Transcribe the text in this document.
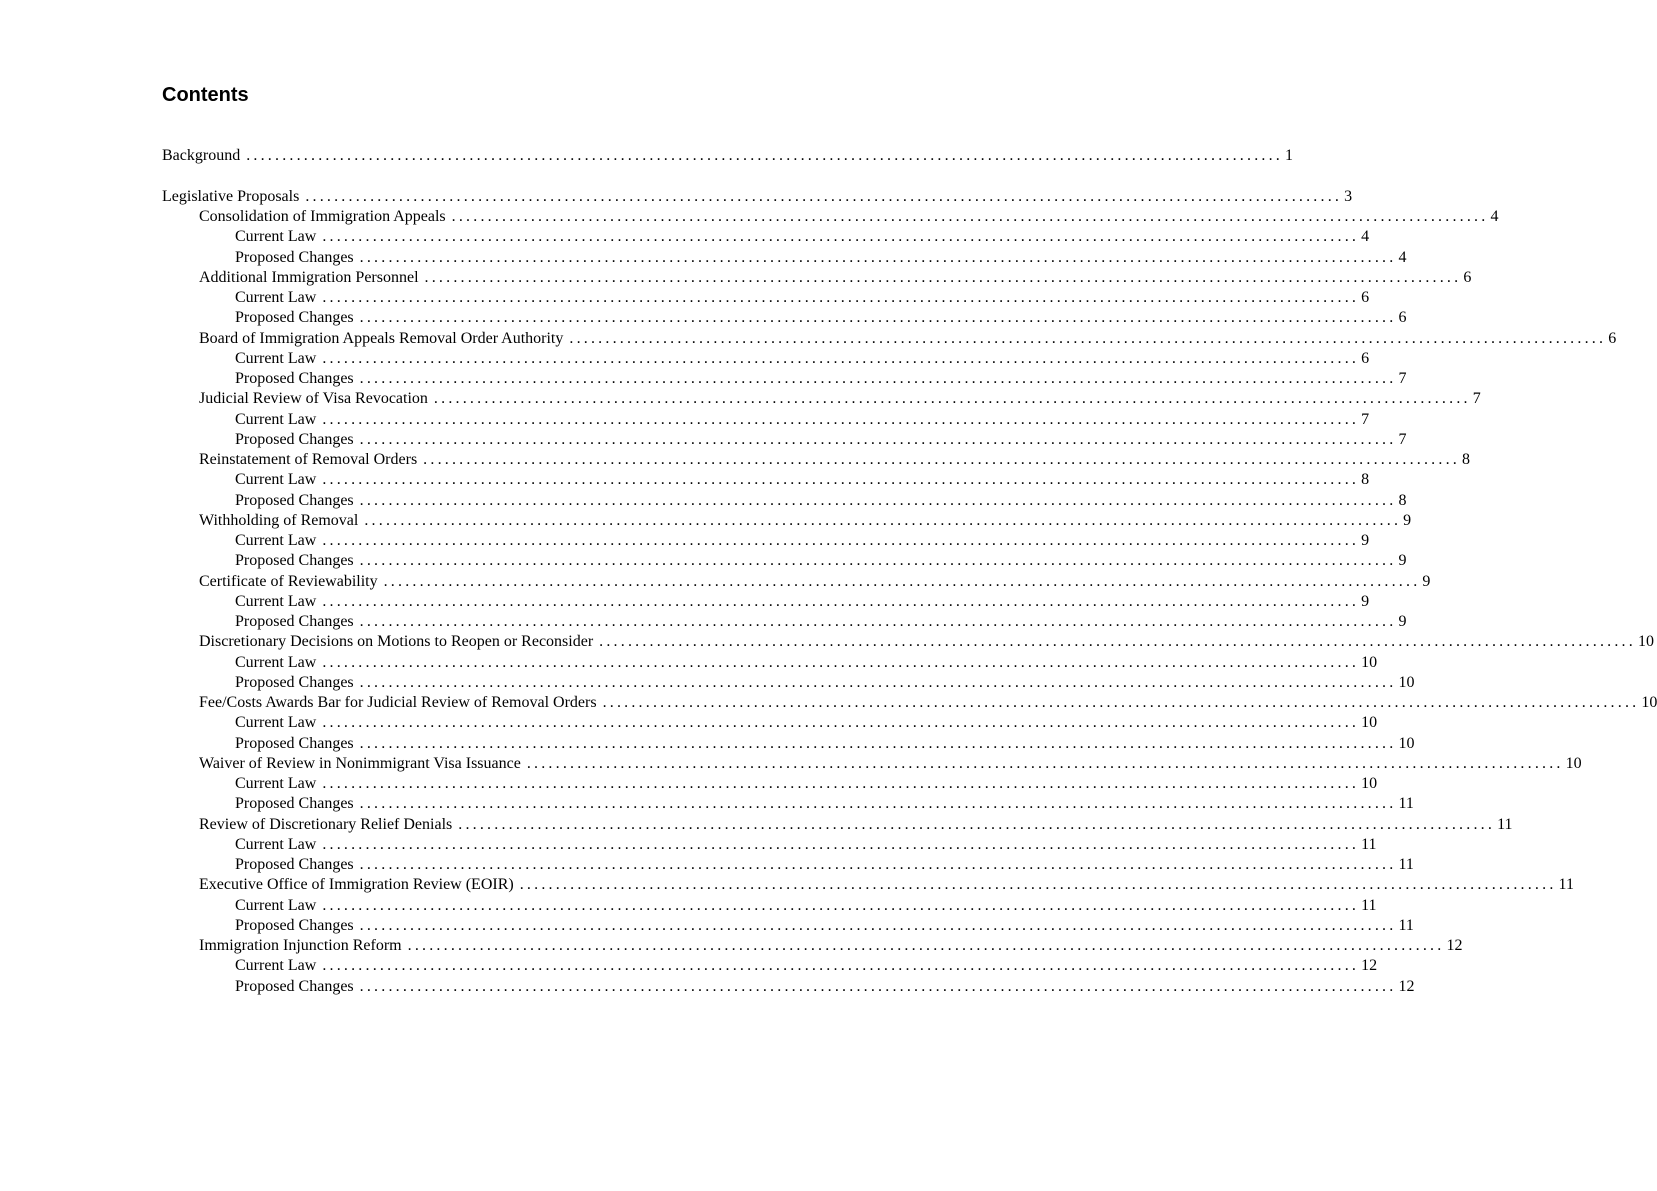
Contents
Background ................................................................................................................................................ 1
Legislative Proposals ................................................................................................................................................ 3
Consolidation of Immigration Appeals ................................................................................................................................................ 4
Current Law ................................................................................................................................................ 4
Proposed Changes ................................................................................................................................................ 4
Additional Immigration Personnel ................................................................................................................................................ 6
Current Law ................................................................................................................................................ 6
Proposed Changes ................................................................................................................................................ 6
Board of Immigration Appeals Removal Order Authority ................................................................................................................................................ 6
Current Law ................................................................................................................................................ 6
Proposed Changes ................................................................................................................................................ 7
Judicial Review of Visa Revocation ................................................................................................................................................ 7
Current Law ................................................................................................................................................ 7
Proposed Changes ................................................................................................................................................ 7
Reinstatement of Removal Orders ................................................................................................................................................ 8
Current Law ................................................................................................................................................ 8
Proposed Changes ................................................................................................................................................ 8
Withholding of Removal ................................................................................................................................................ 9
Current Law ................................................................................................................................................ 9
Proposed Changes ................................................................................................................................................ 9
Certificate of Reviewability ................................................................................................................................................ 9
Current Law ................................................................................................................................................ 9
Proposed Changes ................................................................................................................................................ 9
Discretionary Decisions on Motions to Reopen or Reconsider ................................................................................................................................................ 10
Current Law ................................................................................................................................................ 10
Proposed Changes ................................................................................................................................................ 10
Fee/Costs Awards Bar for Judicial Review of Removal Orders ................................................................................................................................................ 10
Current Law ................................................................................................................................................ 10
Proposed Changes ................................................................................................................................................ 10
Waiver of Review in Nonimmigrant Visa Issuance ................................................................................................................................................ 10
Current Law ................................................................................................................................................ 10
Proposed Changes ................................................................................................................................................ 11
Review of Discretionary Relief Denials ................................................................................................................................................ 11
Current Law ................................................................................................................................................ 11
Proposed Changes ................................................................................................................................................ 11
Executive Office of Immigration Review (EOIR) ................................................................................................................................................ 11
Current Law ................................................................................................................................................ 11
Proposed Changes ................................................................................................................................................ 11
Immigration Injunction Reform ................................................................................................................................................ 12
Current Law ................................................................................................................................................ 12
Proposed Changes ................................................................................................................................................ 12
